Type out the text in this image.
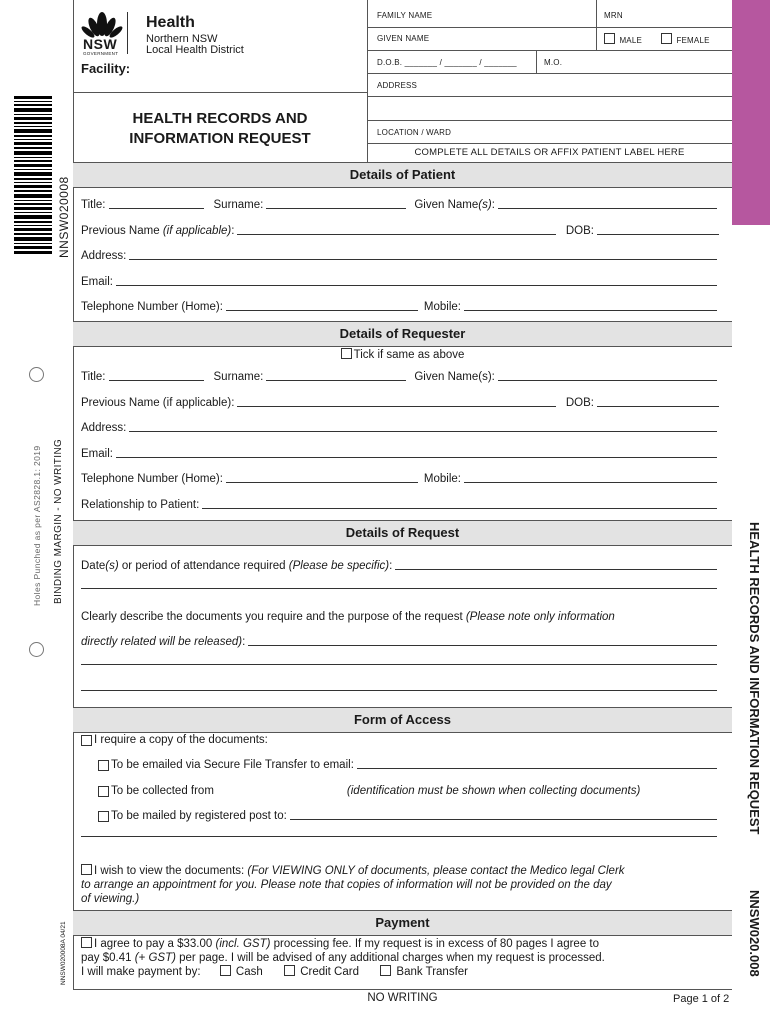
NNSW020008
Holes Punched as per AS2828.1: 2019 BINDING MARGIN - NO WRITING
NNSW020008A 04/21
NSW
GOVERNMENT
Health
Northern NSW
Local Health District
Facility:
HEALTH RECORDS AND
INFORMATION REQUEST
FAMILY NAME	MRN
GIVEN NAME	MALE	FEMALE
D.O.B. _______ / _______ / _______	M.O.
ADDRESS
LOCATION / WARD
COMPLETE ALL DETAILS OR AFFIX PATIENT LABEL HERE
Details of Patient
Title:	Surname:	Given Name(s):
Previous Name (if applicable):	DOB:
Address:
Email:
Telephone Number (Home):	Mobile:
Details of Requester
Tick if same as above
Title:	Surname:	Given Name(s):
Previous Name (if applicable):	DOB:
Address:
Email:
Telephone Number (Home):	Mobile:
Relationship to Patient:
Details of Request
Date(s) or period of attendance required (Please be specific):
Clearly describe the documents you require and the purpose of the request (Please note only information
directly related will be released):
Form of Access
I require a copy of the documents:
To be emailed via Secure File Transfer to email:
To be collected from	(identification must be shown when collecting documents)
To be mailed by registered post to:
I wish to view the documents: (For VIEWING ONLY of documents, please contact the Medico legal Clerk
to arrange an appointment for you. Please note that copies of information will not be provided on the day
of viewing.)
Payment
I agree to pay a $33.00 (incl. GST) processing fee. If my request is in excess of 80 pages I agree to
pay $0.41 (+ GST) per page. I will be advised of any additional charges when my request is processed.
I will make payment by:	Cash	Credit Card	Bank Transfer
NO WRITING	Page 1 of 2
HEALTH RECORDS AND INFORMATION REQUEST
NNSW020.008
